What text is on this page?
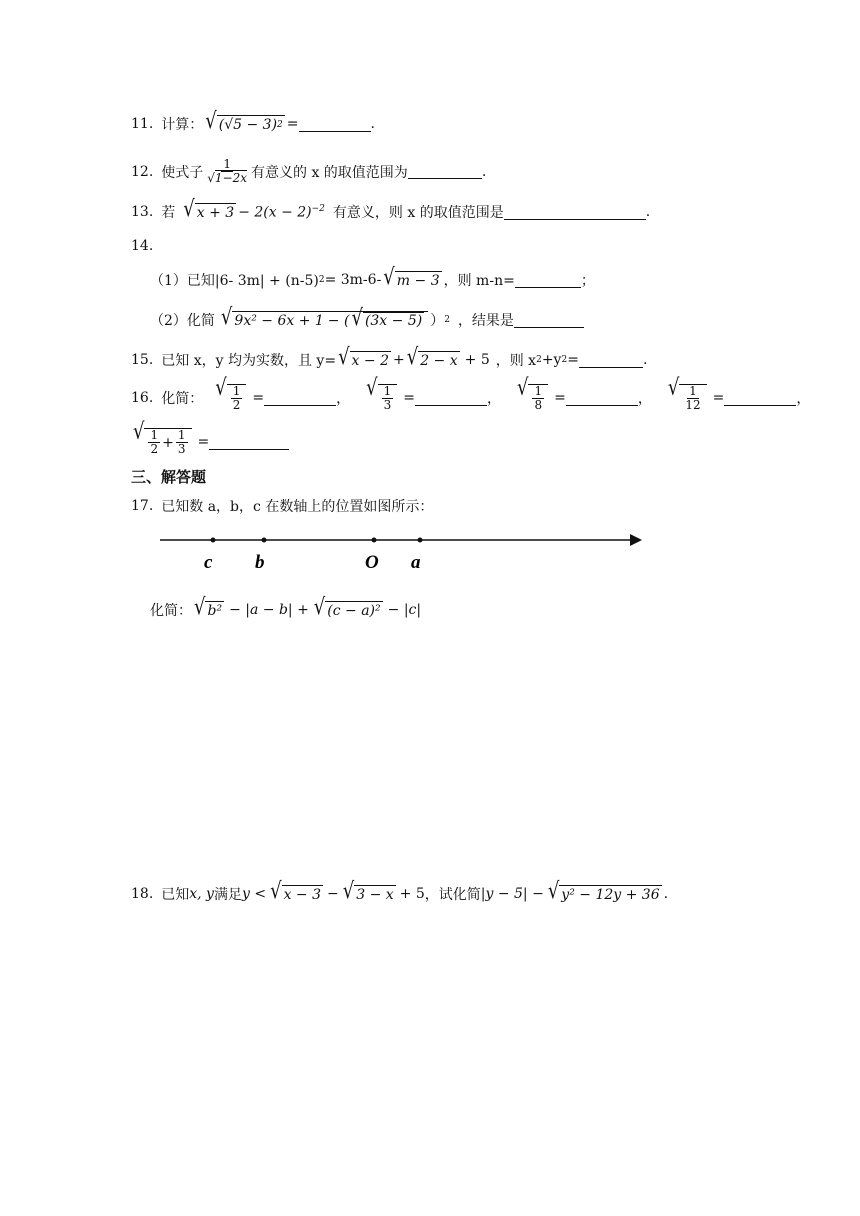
11. 计算： √ (√5 − 3) 2 =	.
12. 使式子 $\frac{1}{√1-2x}$ 有意义的 x 的取值范围为	.
13. 若 √ $x + 3 - 2(x - 2)^{-2}$ 有意义，则 x 的取值范围是	.
14.
（1）已知|6- 3m| + (n-5) 2 = 3m-6- √ m − 3 ，则 m-n=	；
（2）化简 √ 9x² − 6x + 1 − ( √ (3x − 5) ） 2 ，结果是
15. 已知 x，y 均为实数，且 y= √ x − 2 + √ 2 − x + 5 ，则 x 2 +y 2 =	.
16. 化简： √ $\frac{1}{2}$ =	， √ $\frac{1}{3}$ =	， √ $\frac{1}{8}$ =	， √ $\frac{1}{12}$ =	，
√ $\frac{1}{2} + \frac{1}{3}$ =
三、解答题
17. 已知数 a，b，c 在数轴上的位置如图所示：
c b	O a
化简： √ b² − |a − b| + √ (c − a)² − |c|
18. 已知 x, y 满足 y < √ x − 3 − √ 3 − x + 5 ，试化简 |y − 5| − √ y² − 12y + 36 .
